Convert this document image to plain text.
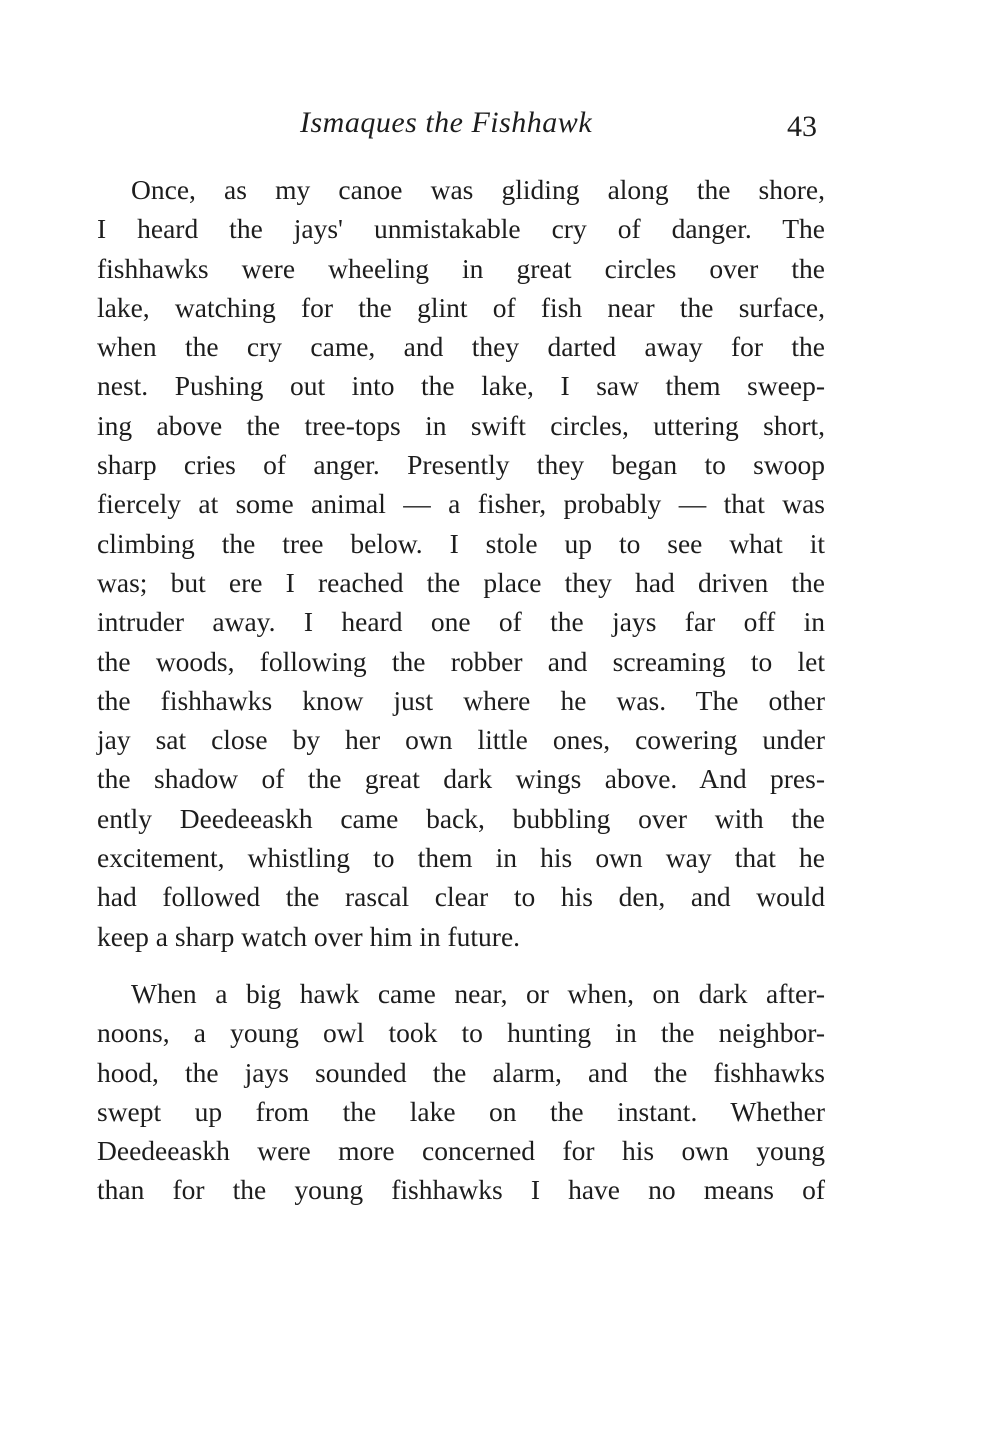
Ismaques the Fishhawk	43
Once, as my canoe was gliding along the shore,
I heard the jays' unmistakable cry of danger. The
fishhawks were wheeling in great circles over the
lake, watching for the glint of fish near the surface,
when the cry came, and they darted away for the
nest. Pushing out into the lake, I saw them sweep-
ing above the tree-tops in swift circles, uttering short,
sharp cries of anger. Presently they began to swoop
fiercely at some animal — a fisher, probably — that was
climbing the tree below. I stole up to see what it
was; but ere I reached the place they had driven the
intruder away. I heard one of the jays far off in
the woods, following the robber and screaming to let
the fishhawks know just where he was. The other
jay sat close by her own little ones, cowering under
the shadow of the great dark wings above. And pres-
ently Deedeeaskh came back, bubbling over with the
excitement, whistling to them in his own way that he
had followed the rascal clear to his den, and would
keep a sharp watch over him in future.
When a big hawk came near, or when, on dark after-
noons, a young owl took to hunting in the neighbor-
hood, the jays sounded the alarm, and the fishhawks
swept up from the lake on the instant. Whether
Deedeeaskh were more concerned for his own young
than for the young fishhawks I have no means of
